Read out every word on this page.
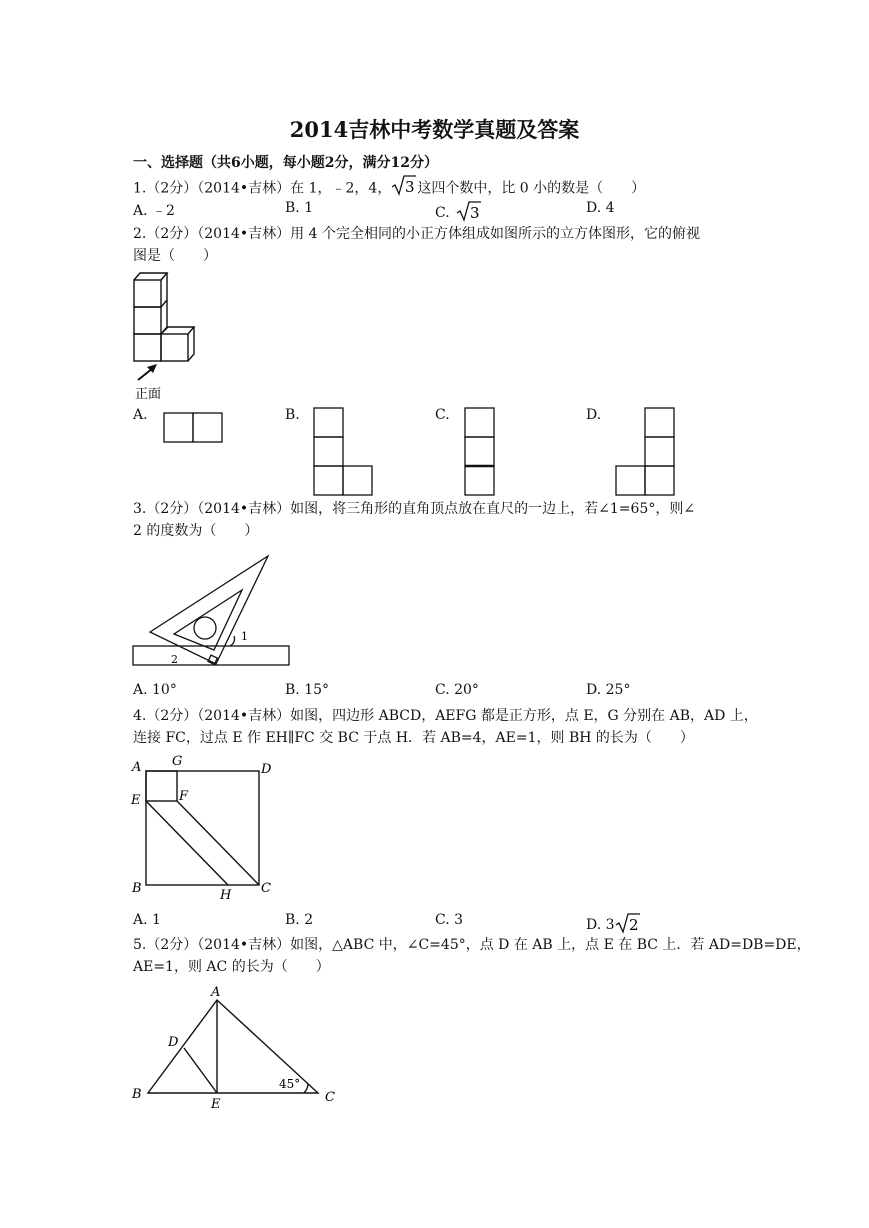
2014吉林中考数学真题及答案
一、选择题（共6小题，每小题2分，满分12分）
1.（2分）（2014•吉林）在 1，﹣2，4， 3 这四个数中，比 0 小的数是（　　）
A. ﹣2	B. 1	C. 3	D. 4
2.（2分）（2014•吉林）用 4 个完全相同的小正方体组成如图所示的立方体图形，它的俯视
图是（　　）
正面
A.	B.	C.	D.
3.（2分）（2014•吉林）如图，将三角形的直角顶点放在直尺的一边上，若∠1=65°，则∠
2 的度数为（　　）
1
2
A. 10°	B. 15°	C. 20°	D. 25°
4.（2分）（2014•吉林）如图，四边形 ABCD，AEFG 都是正方形，点 E，G 分别在 AB，AD 上，
连接 FC，过点 E 作 EH∥FC 交 BC 于点 H．若 AB=4，AE=1，则 BH 的长为（　　）
A G
D
E	F
B	H C
A. 1	B. 2	C. 3	D. 3 2
5.（2分）（2014•吉林）如图，△ABC 中，∠C=45°，点 D 在 AB 上，点 E 在 BC 上．若 AD=DB=DE，
AE=1，则 AC 的长为（　　）
A
D
B
E	C
45°
